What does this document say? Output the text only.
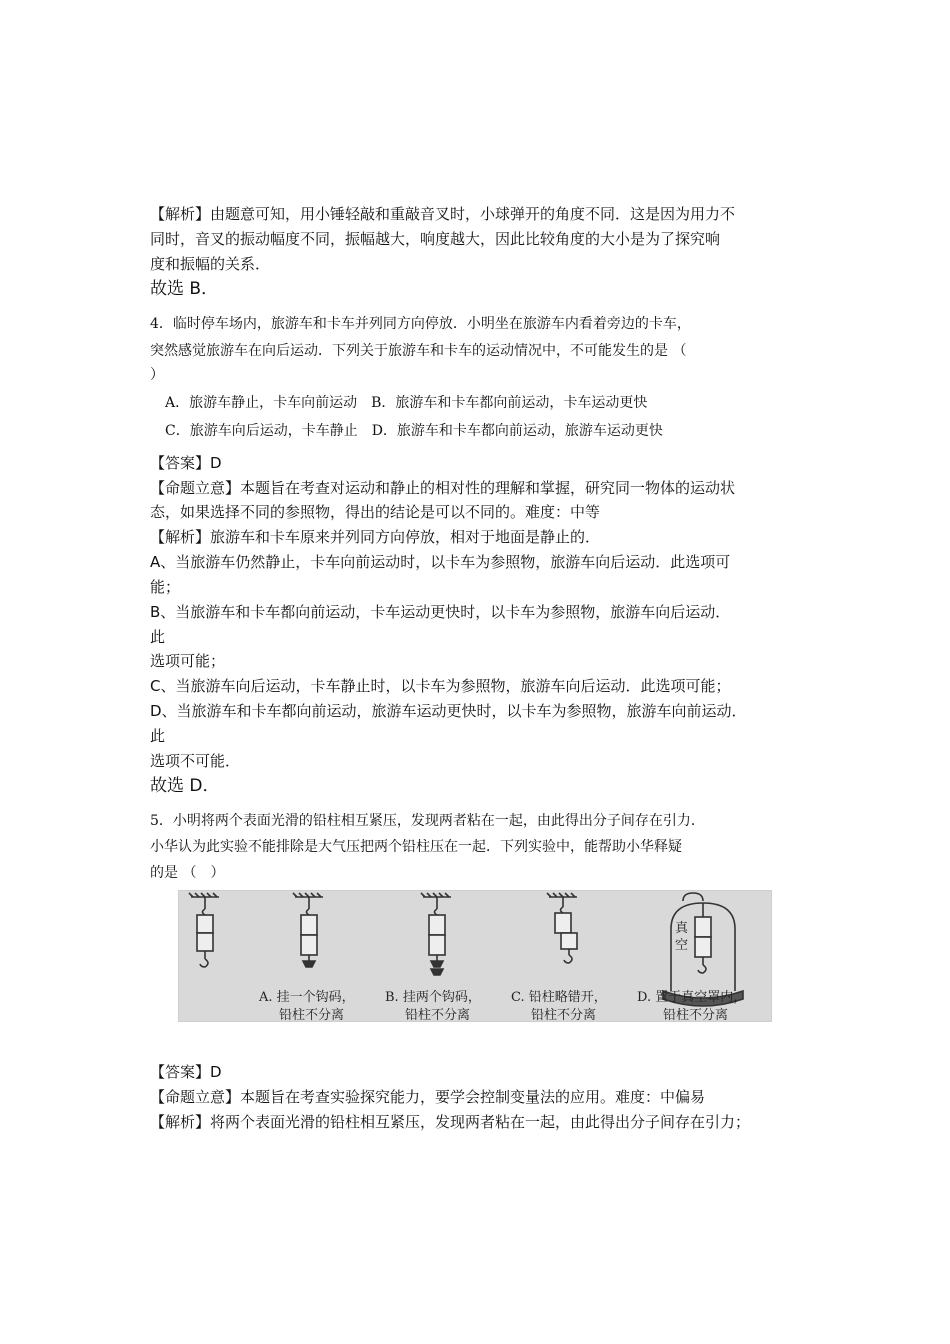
【解析】由题意可知，用小锤轻敲和重敲音叉时，小球弹开的角度不同．这是因为用力不
同时，音叉的振动幅度不同，振幅越大，响度越大，因此比较角度的大小是为了探究响
度和振幅的关系．
故选 B．
4．临时停车场内，旅游车和卡车并列同方向停放．小明坐在旅游车内看着旁边的卡车，
突然感觉旅游车在向后运动．下列关于旅游车和卡车的运动情况中，不可能发生的是 （
）
A．旅游车静止，卡车向前运动　B．旅游车和卡车都向前运动，卡车运动更快
C．旅游车向后运动，卡车静止　D．旅游车和卡车都向前运动，旅游车运动更快
【答案】D
【命题立意】本题旨在考查对运动和静止的相对性的理解和掌握，研究同一物体的运动状
态，如果选择不同的参照物，得出的结论是可以不同的。难度：中等
【解析】旅游车和卡车原来并列同方向停放，相对于地面是静止的．
A、当旅游车仍然静止，卡车向前运动时，以卡车为参照物，旅游车向后运动．此选项可
能；
B、当旅游车和卡车都向前运动，卡车运动更快时，以卡车为参照物，旅游车向后运动．
此
选项可能；
C、当旅游车向后运动，卡车静止时，以卡车为参照物，旅游车向后运动．此选项可能；
D、当旅游车和卡车都向前运动，旅游车运动更快时，以卡车为参照物，旅游车向前运动．
此
选项不可能．
故选 D．
5．小明将两个表面光滑的铅柱相互紧压，发现两者粘在一起，由此得出分子间存在引力．
小华认为此实验不能排除是大气压把两个铅柱压在一起．下列实验中，能帮助小华释疑
的是 （　）
真
空
A. 挂一个钩码，
铅柱不分离
B. 挂两个钩码，
铅柱不分离
C. 铅柱略错开，
铅柱不分离
D. 置于真空罩内，
铅柱不分离
【答案】D
【命题立意】本题旨在考查实验探究能力，要学会控制变量法的应用。难度：中偏易
【解析】将两个表面光滑的铅柱相互紧压，发现两者粘在一起，由此得出分子间存在引力；
